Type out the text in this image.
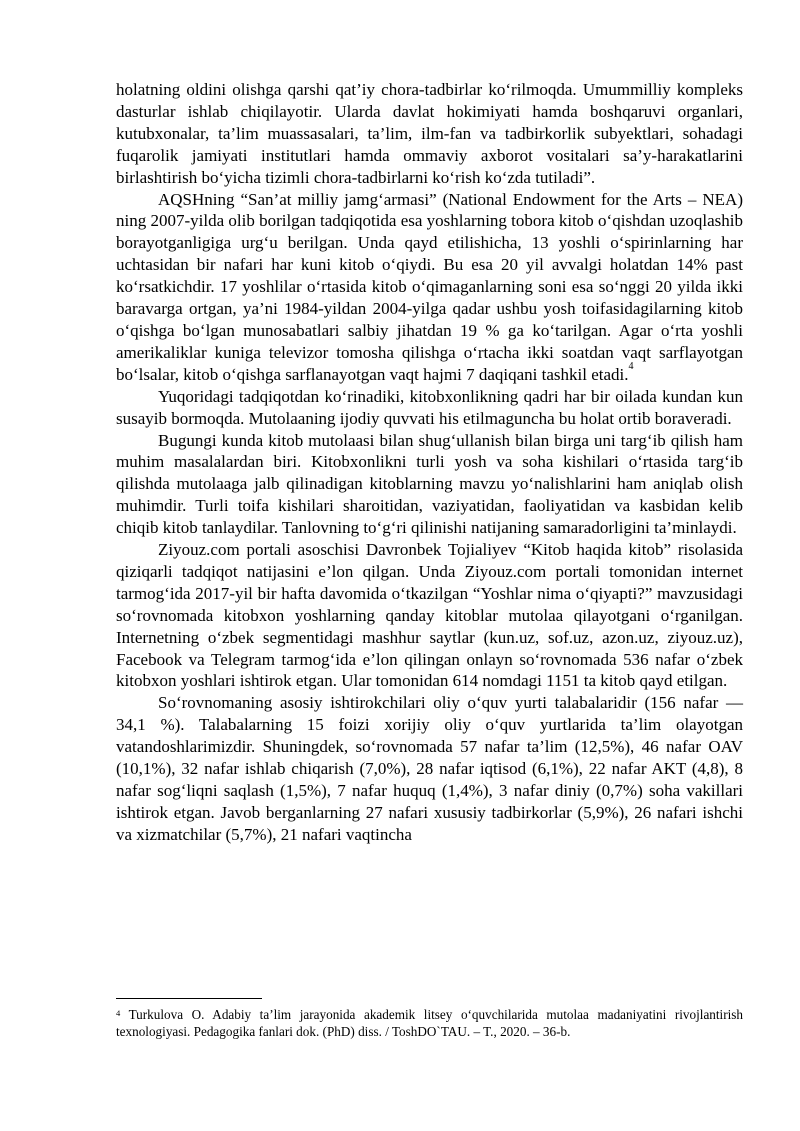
holatning oldini olishga qarshi qat’iy chora-tadbirlar ko‘rilmoqda. Umummilliy kompleks dasturlar ishlab chiqilayotir. Ularda davlat hokimiyati hamda boshqaruvi organlari, kutubxonalar, ta’lim muassasalari, ta’lim, ilm-fan va tadbirkorlik subyektlari, sohadagi fuqarolik jamiyati institutlari hamda ommaviy axborot vositalari sa’y-harakatlarini birlashtirish bo‘yicha tizimli chora-tadbirlarni ko‘rish ko‘zda tutiladi”.

AQSHning “San’at milliy jamg‘armasi” (National Endowment for the Arts – NEA) ning 2007-yilda olib borilgan tadqiqotida esa yoshlarning tobora kitob o‘qishdan uzoqlashib borayotganligiga urg‘u berilgan. Unda qayd etilishicha, 13 yoshli o‘spirinlarning har uchtasidan bir nafari har kuni kitob o‘qiydi. Bu esa 20 yil avvalgi holatdan 14% past ko‘rsatkichdir. 17 yoshlilar o‘rtasida kitob o‘qimaganlarning soni esa so‘nggi 20 yilda ikki baravarga ortgan, ya’ni 1984-yildan 2004-yilga qadar ushbu yosh toifasidagilarning kitob o‘qishga bo‘lgan munosabatlari salbiy jihatdan 19 % ga ko‘tarilgan. Agar o‘rta yoshli amerikaliklar kuniga televizor tomosha qilishga o‘rtacha ikki soatdan vaqt sarflayotgan bo‘lsalar, kitob o‘qishga sarflanayotgan vaqt hajmi 7 daqiqani tashkil etadi.$^4$

Yuqoridagi tadqiqotdan ko‘rinadiki, kitobxonlikning qadri har bir oilada kundan kun susayib bormoqda. Mutolaaning ijodiy quvvati his etilmaguncha bu holat ortib boraveradi.

Bugungi kunda kitob mutolaasi bilan shug‘ullanish bilan birga uni targ‘ib qilish ham muhim masalalardan biri. Kitobxonlikni turli yosh va soha kishilari o‘rtasida targ‘ib qilishda mutolaaga jalb qilinadigan kitoblarning mavzu yo‘nalishlarini ham aniqlab olish muhimdir. Turli toifa kishilari sharoitidan, vaziyatidan, faoliyatidan va kasbidan kelib chiqib kitob tanlaydilar. Tanlovning to‘g‘ri qilinishi natijaning samaradorligini ta’minlaydi.

Ziyouz.com portali asoschisi Davronbek Tojialiyev “Kitob haqida kitob” risolasida qiziqarli tadqiqot natijasini e’lon qilgan. Unda Ziyouz.com portali tomonidan internet tarmog‘ida 2017-yil bir hafta davomida o‘tkazilgan “Yoshlar nima o‘qiyapti?” mavzusidagi so‘rovnomada kitobxon yoshlarning qanday kitoblar mutolaa qilayotgani o‘rganilgan. Internetning o‘zbek segmentidagi mashhur saytlar (kun.uz, sof.uz, azon.uz, ziyouz.uz), Facebook va Telegram tarmog‘ida e’lon qilingan onlayn so‘rovnomada 536 nafar o‘zbek kitobxon yoshlari ishtirok etgan. Ular tomonidan 614 nomdagi 1151 ta kitob qayd etilgan.

So‘rovnomaning asosiy ishtirokchilari oliy o‘quv yurti talabalaridir (156 nafar — 34,1 %). Talabalarning 15 foizi xorijiy oliy o‘quv yurtlarida ta’lim olayotgan vatandoshlarimizdir. Shuningdek, so‘rovnomada 57 nafar ta’lim (12,5%), 46 nafar OAV (10,1%), 32 nafar ishlab chiqarish (7,0%), 28 nafar iqtisod (6,1%), 22 nafar AKT (4,8), 8 nafar sog‘liqni saqlash (1,5%), 7 nafar huquq (1,4%), 3 nafar diniy (0,7%) soha vakillari ishtirok etgan. Javob berganlarning 27 nafari xususiy tadbirkorlar (5,9%), 26 nafari ishchi va xizmatchilar (5,7%), 21 nafari vaqtincha

$^4$ Turkulova O. Adabiy ta’lim jarayonida akademik litsey o‘quvchilarida mutolaa madaniyatini rivojlantirish texnologiyasi. Pedagogika fanlari dok. (PhD) diss. / ToshDO`TAU. – T., 2020. – 36-b.
